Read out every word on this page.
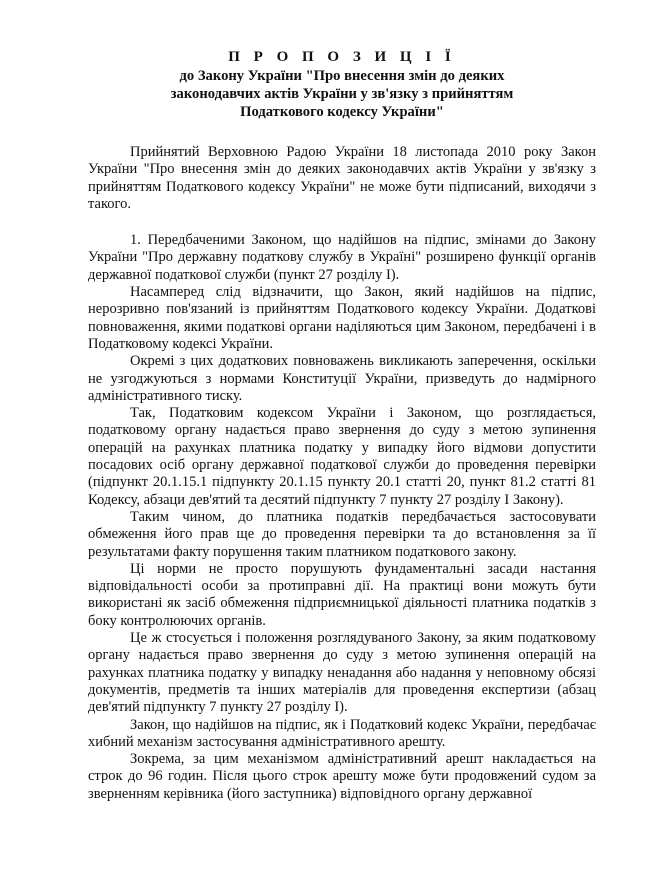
П Р О П О З И Ц І Ї
до Закону України "Про внесення змін до деяких
законодавчих актів України у зв'язку з прийняттям
Податкового кодексу України"

Прийнятий Верховною Радою України 18 листопада 2010 року Закон України "Про внесення змін до деяких законодавчих актів України у зв'язку з прийняттям Податкового кодексу України" не може бути підписаний, виходячи з такого.

1. Передбаченими Законом, що надійшов на підпис, змінами до Закону України "Про державну податкову службу в Україні" розширено функції органів державної податкової служби (пункт 27 розділу І).

Насамперед слід відзначити, що Закон, який надійшов на підпис, нерозривно пов'язаний із прийняттям Податкового кодексу України. Додаткові повноваження, якими податкові органи наділяються цим Законом, передбачені і в Податковому кодексі України.

Окремі з цих додаткових повноважень викликають заперечення, оскільки не узгоджуються з нормами Конституції України, призведуть до надмірного адміністративного тиску.

Так, Податковим кодексом України і Законом, що розглядається, податковому органу надається право звернення до суду з метою зупинення операцій на рахунках платника податку у випадку його відмови допустити посадових осіб органу державної податкової служби до проведення перевірки (підпункт 20.1.15.1 підпункту 20.1.15 пункту 20.1 статті 20, пункт 81.2 статті 81 Кодексу, абзаци дев'ятий та десятий підпункту 7 пункту 27 розділу І Закону).

Таким чином, до платника податків передбачається застосовувати обмеження його прав ще до проведення перевірки та до встановлення за її результатами факту порушення таким платником податкового закону.

Ці норми не просто порушують фундаментальні засади настання відповідальності особи за протиправні дії. На практиці вони можуть бути використані як засіб обмеження підприємницької діяльності платника податків з боку контролюючих органів.

Це ж стосується і положення розглядуваного Закону, за яким податковому органу надається право звернення до суду з метою зупинення операцій на рахунках платника податку у випадку ненадання або надання у неповному обсязі документів, предметів та інших матеріалів для проведення експертизи (абзац дев'ятий підпункту 7 пункту 27 розділу І).

Закон, що надійшов на підпис, як і Податковий кодекс України, передбачає хибний механізм застосування адміністративного арешту.

Зокрема, за цим механізмом адміністративний арешт накладається на строк до 96 годин. Після цього строк арешту може бути продовжений судом за зверненням керівника (його заступника) відповідного органу державної
